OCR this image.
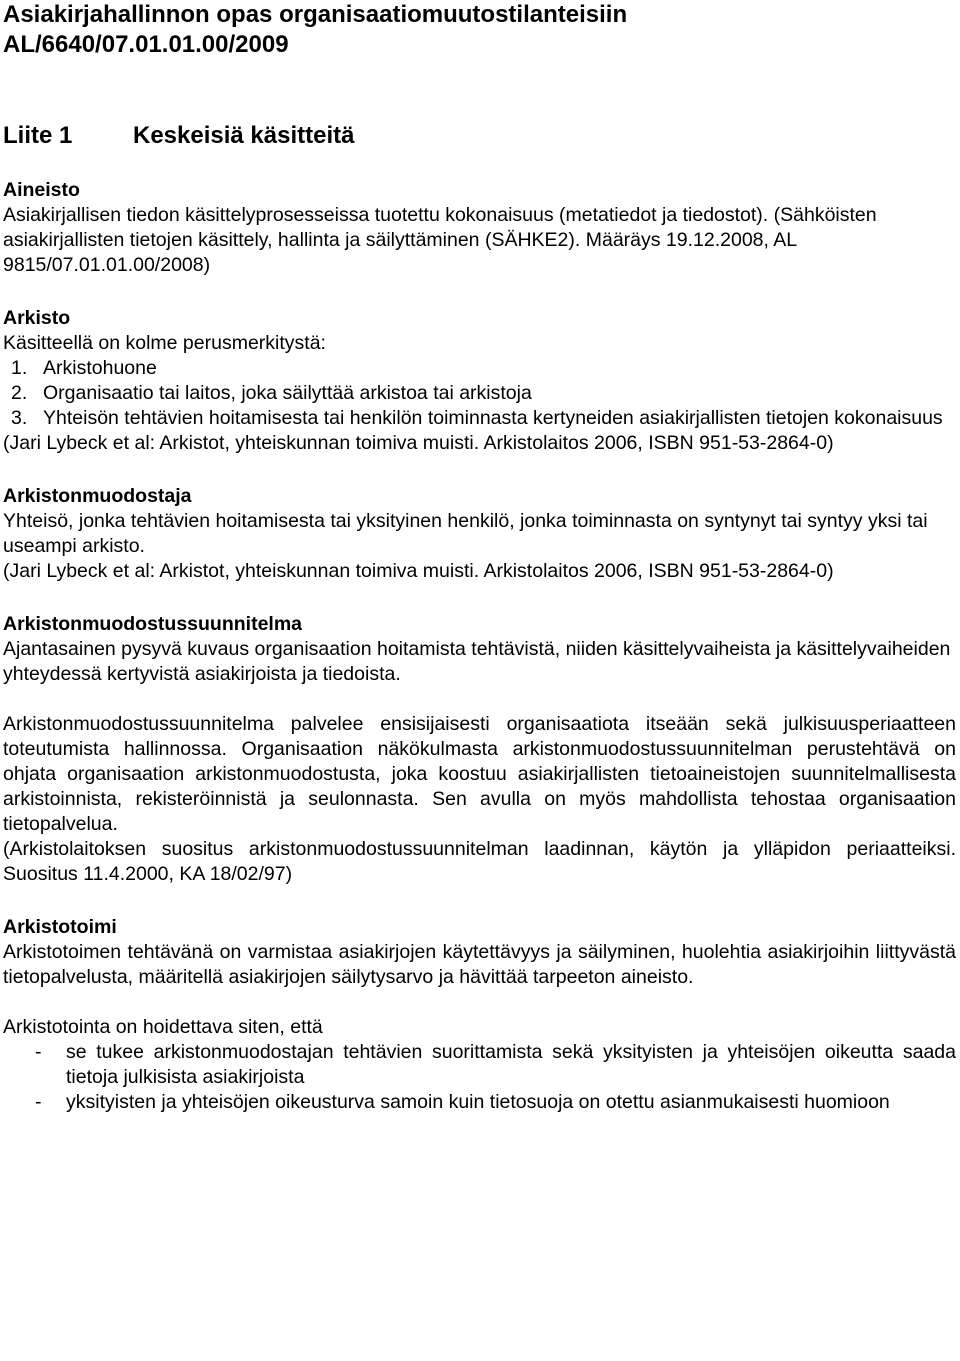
Asiakirjahallinnon opas organisaatiomuutostilanteisiin
AL/6640/07.01.01.00/2009

Liite 1	Keskeisiä käsitteitä

Aineisto

Asiakirjallisen tiedon käsittelyprosesseissa tuotettu kokonaisuus (metatiedot ja tiedostot). (Sähköisten asiakirjallisten tietojen käsittely, hallinta ja säilyttäminen (SÄHKE2). Määräys 19.12.2008, AL 9815/07.01.01.00/2008)

Arkisto

Käsitteellä on kolme perusmerkitystä:

1. Arkistohuone
2. Organisaatio tai laitos, joka säilyttää arkistoa tai arkistoja
3. Yhteisön tehtävien hoitamisesta tai henkilön toiminnasta kertyneiden asiakirjallisten tietojen kokonaisuus

(Jari Lybeck et al: Arkistot, yhteiskunnan toimiva muisti. Arkistolaitos 2006, ISBN 951-53-2864-0)

Arkistonmuodostaja

Yhteisö, jonka tehtävien hoitamisesta tai yksityinen henkilö, jonka toiminnasta on syntynyt tai syntyy yksi tai useampi arkisto.

(Jari Lybeck et al: Arkistot, yhteiskunnan toimiva muisti. Arkistolaitos 2006, ISBN 951-53-2864-0)

Arkistonmuodostussuunnitelma

Ajantasainen pysyvä kuvaus organisaation hoitamista tehtävistä, niiden käsittelyvaiheista ja käsittelyvaiheiden yhteydessä kertyvistä asiakirjoista ja tiedoista.

Arkistonmuodostussuunnitelma palvelee ensisijaisesti organisaatiota itseään sekä julkisuusperiaatteen toteutumista hallinnossa. Organisaation näkökulmasta arkistonmuodostussuunnitelman perustehtävä on ohjata organisaation arkistonmuodostusta, joka koostuu asiakirjallisten tietoaineistojen suunnitelmallisesta arkistoinnista, rekisteröinnistä ja seulonnasta. Sen avulla on myös mahdollista tehostaa organisaation tietopalvelua.

(Arkistolaitoksen suositus arkistonmuodostussuunnitelman laadinnan, käytön ja ylläpidon periaatteiksi. Suositus 11.4.2000, KA 18/02/97)

Arkistotoimi

Arkistotoimen tehtävänä on varmistaa asiakirjojen käytettävyys ja säilyminen, huolehtia asiakirjoihin liittyvästä tietopalvelusta, määritellä asiakirjojen säilytysarvo ja hävittää tarpeeton aineisto.

Arkistotointa on hoidettava siten, että

-	se tukee arkistonmuodostajan tehtävien suorittamista sekä yksityisten ja yhteisöjen oikeutta saada tietoja julkisista asiakirjoista
-	yksityisten ja yhteisöjen oikeusturva samoin kuin tietosuoja on otettu asianmukaisesti huomioon
